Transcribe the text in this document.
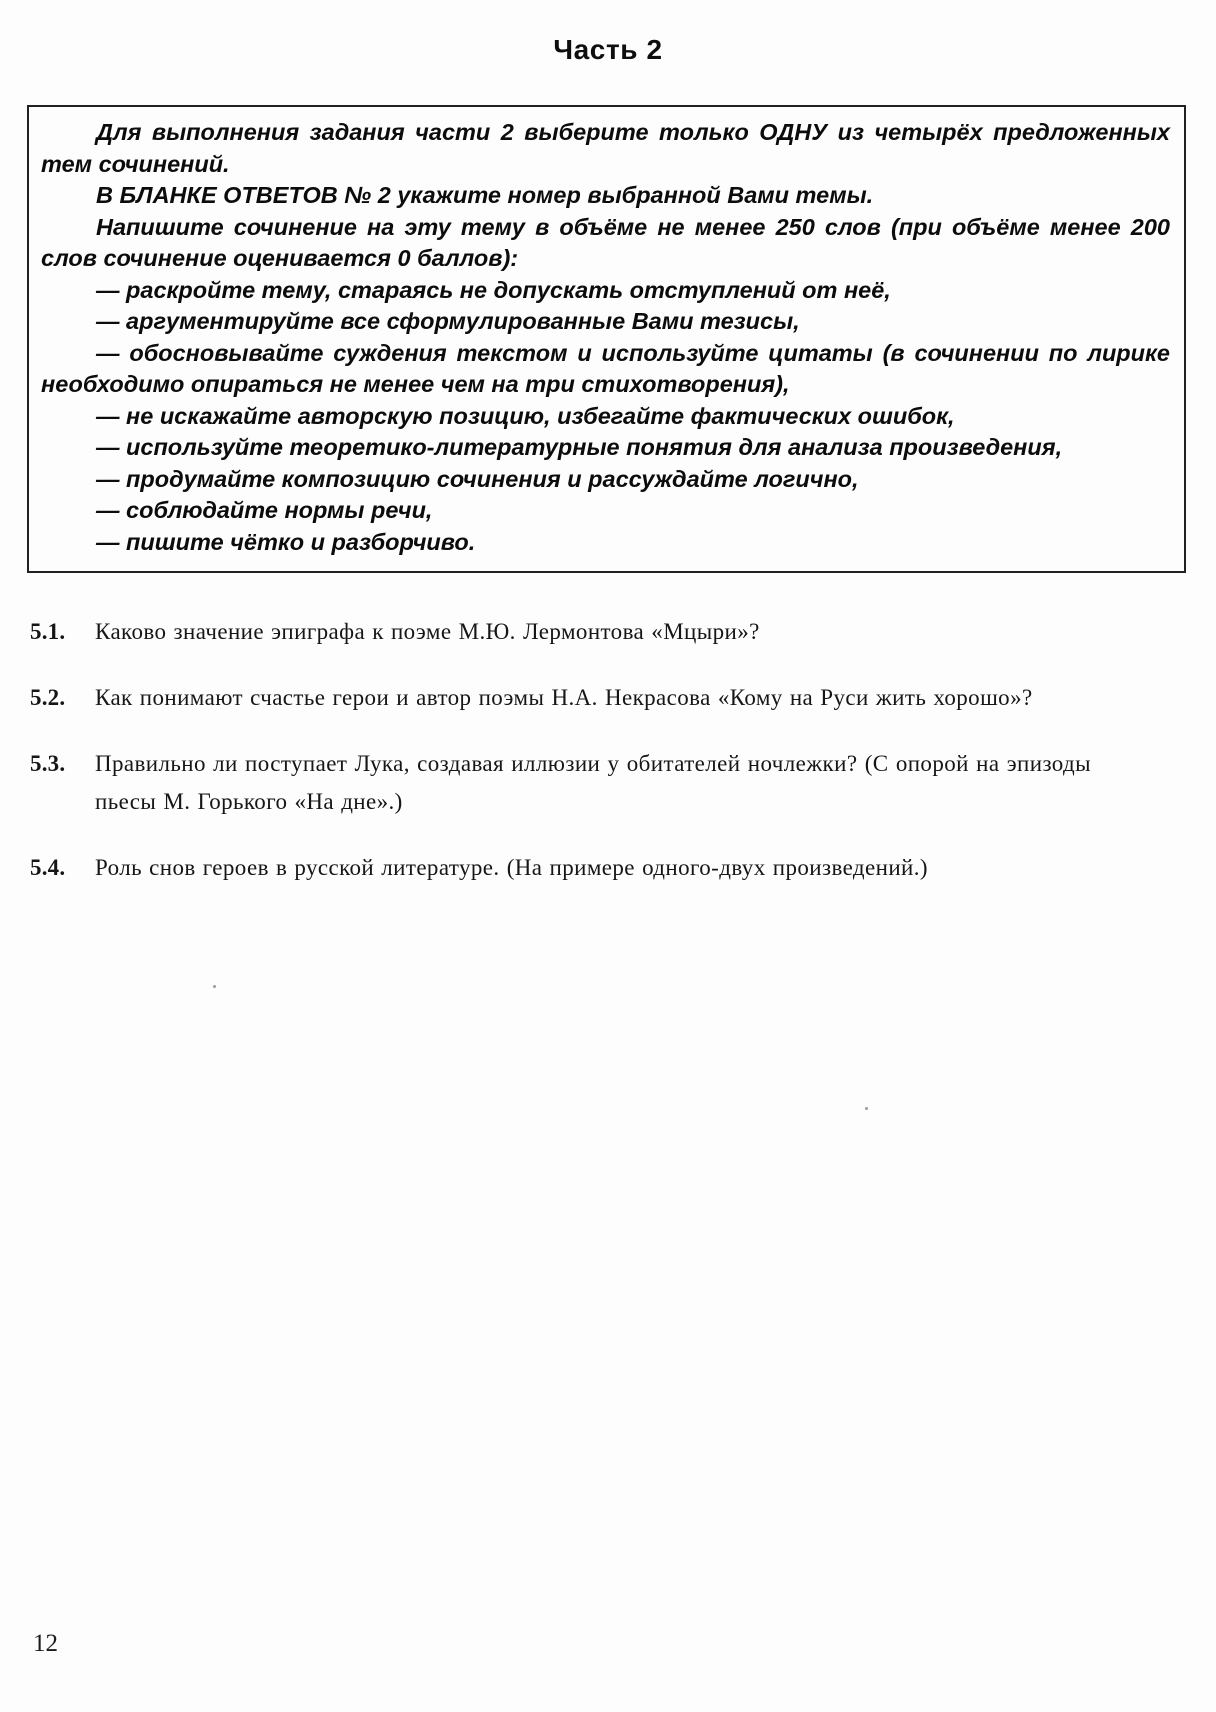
Часть 2

Для выполнения задания части 2 выберите только ОДНУ из четырёх предложенных тем сочинений.

В БЛАНКЕ ОТВЕТОВ № 2 укажите номер выбранной Вами темы.

Напишите сочинение на эту тему в объёме не менее 250 слов (при объёме менее 200 слов сочинение оценивается 0 баллов):

— раскройте тему, стараясь не допускать отступлений от неё,

— аргументируйте все сформулированные Вами тезисы,

— обосновывайте суждения текстом и используйте цитаты (в сочинении по лирике необходимо опираться не менее чем на три стихотворения),

— не искажайте авторскую позицию, избегайте фактических ошибок,

— используйте теоретико-литературные понятия для анализа произведения,

— продумайте композицию сочинения и рассуждайте логично,

— соблюдайте нормы речи,

— пишите чётко и разборчиво.

5.1.	Каково значение эпиграфа к поэме М.Ю. Лермонтова «Мцыри»?
5.2.	Как понимают счастье герои и автор поэмы Н.А. Некрасова «Кому на Руси жить хорошо»?
5.3.	Правильно ли поступает Лука, создавая иллюзии у обитателей ночлежки? (С опорой на эпизоды пьесы М. Горького «На дне».)
5.4.	Роль снов героев в русской литературе. (На примере одного-двух произведений.)
12
